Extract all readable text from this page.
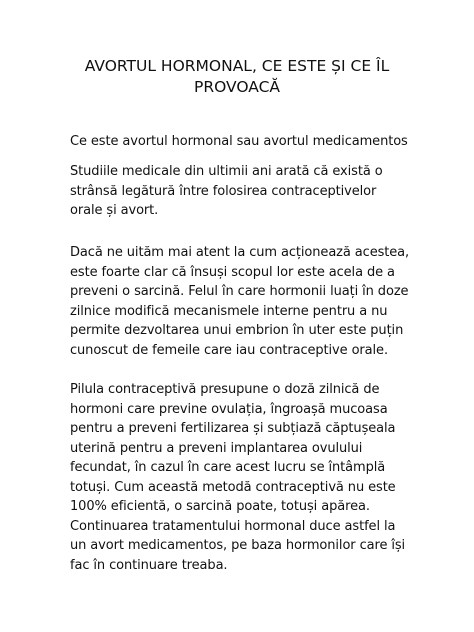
AVORTUL HORMONAL, CE ESTE ȘI CE ÎL PROVOACĂ

Ce este avortul hormonal sau avortul medicamentos

Studiile medicale din ultimii ani arată că există o strânsă legătură între folosirea contraceptivelor orale și avort.

Dacă ne uităm mai atent la cum acționează acestea, este foarte clar că însuși scopul lor este acela de a preveni o sarcină. Felul în care hormonii luați în doze zilnice modifică mecanismele interne pentru a nu permite dezvoltarea unui embrion în uter este puțin cunoscut de femeile care iau contraceptive orale.

Pilula contraceptivă presupune o doză zilnică de hormoni care previne ovulația, îngroașă mucoasa pentru a preveni fertilizarea și subțiază căptușeala uterină pentru a preveni implantarea ovulului fecundat, în cazul în care acest lucru se întâmplă totuși. Cum această metodă contraceptivă nu este 100% eficientă, o sarcină poate, totuși apărea. Continuarea tratamentului hormonal duce astfel la un avort medicamentos, pe baza hormonilor care își fac în continuare treaba.
